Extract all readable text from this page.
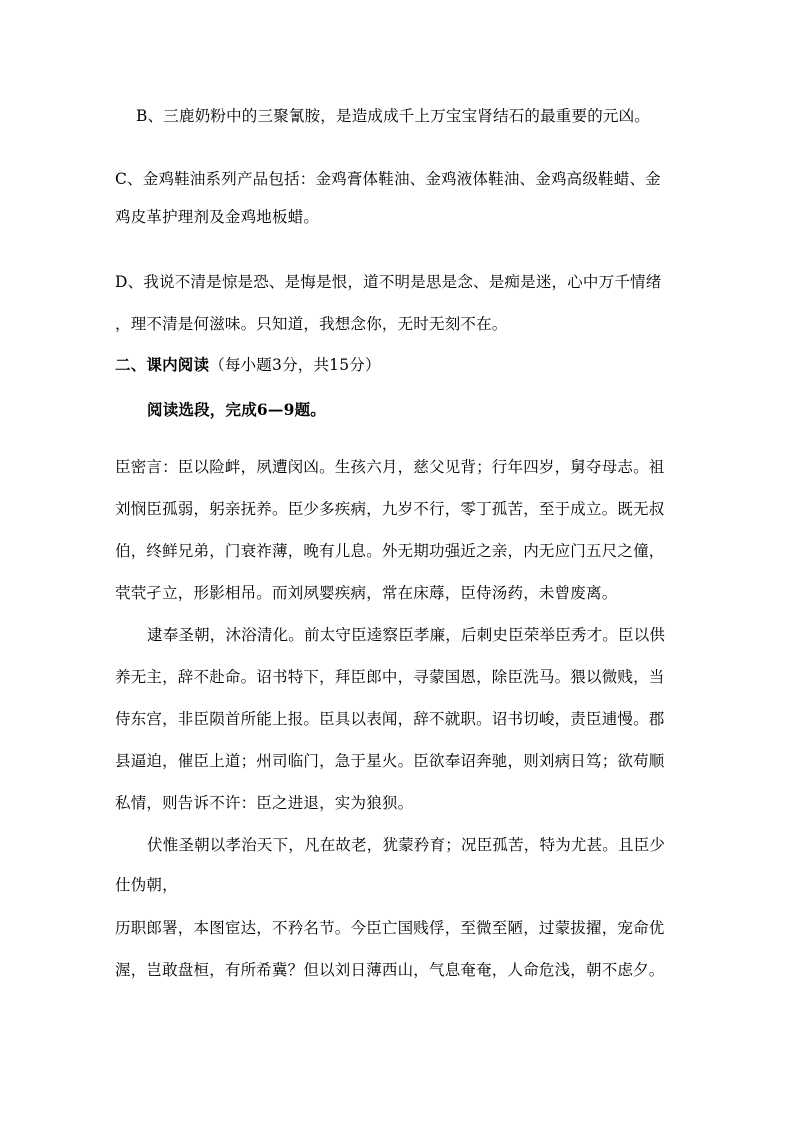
B、三鹿奶粉中的三聚氰胺，是造成成千上万宝宝肾结石的最重要的元凶。
C、金鸡鞋油系列产品包括：金鸡膏体鞋油、金鸡液体鞋油、金鸡高级鞋蜡、金
鸡皮革护理剂及金鸡地板蜡。
D、我说不清是惊是恐、是悔是恨，道不明是思是念、是痴是迷，心中万千情绪
，理不清是何滋味。只知道，我想念你，无时无刻不在。
二、课内阅读（每小题3分，共15分）
阅读选段，完成6—9题。
臣密言：臣以险衅，夙遭闵凶。生孩六月，慈父见背；行年四岁，舅夺母志。祖
刘悯臣孤弱，躬亲抚养。臣少多疾病，九岁不行，零丁孤苦，至于成立。既无叔
伯，终鲜兄弟，门衰祚薄，晚有儿息。外无期功强近之亲，内无应门五尺之僮，
茕茕孑立，形影相吊。而刘夙婴疾病，常在床蓐，臣侍汤药，未曾废离。
逮奉圣朝，沐浴清化。前太守臣逵察臣孝廉，后刺史臣荣举臣秀才。臣以供
养无主，辞不赴命。诏书特下，拜臣郎中，寻蒙国恩，除臣洗马。猥以微贱，当
侍东宫，非臣陨首所能上报。臣具以表闻，辞不就职。诏书切峻，责臣逋慢。郡
县逼迫，催臣上道；州司临门，急于星火。臣欲奉诏奔驰，则刘病日笃；欲苟顺
私情，则告诉不许：臣之进退，实为狼狈。
伏惟圣朝以孝治天下，凡在故老，犹蒙矜育；况臣孤苦，特为尤甚。且臣少
仕伪朝，
历职郎署，本图宦达，不矜名节。今臣亡国贱俘，至微至陋，过蒙拔擢，宠命优
渥，岂敢盘桓，有所希冀？但以刘日薄西山，气息奄奄，人命危浅，朝不虑夕。
